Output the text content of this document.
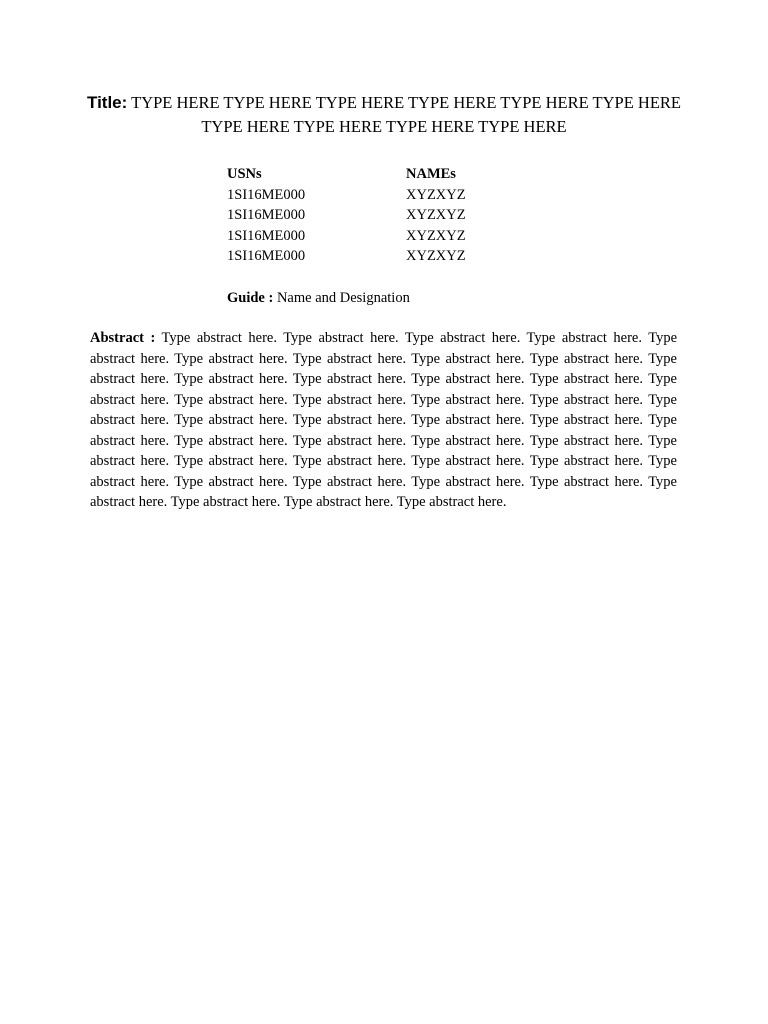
Title: TYPE HERE TYPE HERE TYPE HERE TYPE HERE TYPE HERE TYPE HERE TYPE HERE TYPE HERE TYPE HERE TYPE HERE
USNs	NAMEs
1SI16ME000	XYZXYZ
1SI16ME000	XYZXYZ
1SI16ME000	XYZXYZ
1SI16ME000	XYZXYZ
Guide : Name and Designation
Abstract : Type abstract here. Type abstract here. Type abstract here. Type abstract here. Type abstract here. Type abstract here. Type abstract here. Type abstract here. Type abstract here. Type abstract here. Type abstract here. Type abstract here. Type abstract here. Type abstract here. Type abstract here. Type abstract here. Type abstract here. Type abstract here. Type abstract here. Type abstract here. Type abstract here. Type abstract here. Type abstract here. Type abstract here. Type abstract here. Type abstract here. Type abstract here. Type abstract here. Type abstract here. Type abstract here. Type abstract here. Type abstract here. Type abstract here. Type abstract here. Type abstract here. Type abstract here. Type abstract here. Type abstract here. Type abstract here. Type abstract here. Type abstract here. Type abstract here. Type abstract here.
